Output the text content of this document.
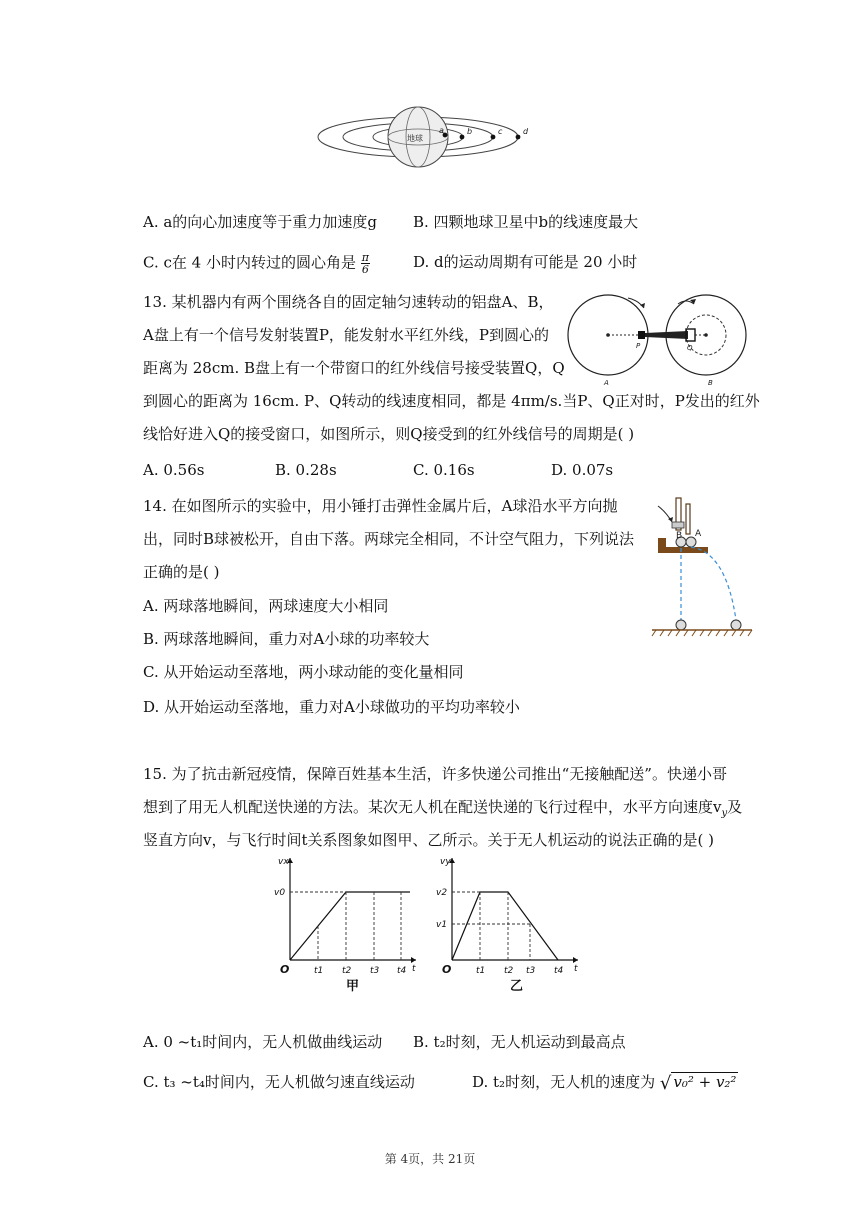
地球
a	b	c	d
A. a的向心加速度等于重力加速度g B. 四颗地球卫星中b的线速度最大
C. c在 4 小时内转过的圆心角是 $\frac{\pi}{6}$	D. d的运动周期有可能是 20 小时
13. 某机器内有两个围绕各自的固定轴匀速转动的铝盘A、B，
A盘上有一个信号发射装置P，能发射水平红外线，P到圆心的
距离为 28cm. B盘上有一个带窗口的红外线信号接受装置Q，Q
到圆心的距离为 16cm. P、Q转动的线速度相同，都是 4πm/s.当P、Q正对时，P发出的红外
线恰好进入Q的接受窗口，如图所示，则Q接受到的红外线信号的周期是( )
A	B
P	Q
A. 0.56s	B. 0.28s	C. 0.16s	D. 0.07s
14. 在如图所示的实验中，用小锤打击弹性金属片后，A球沿水平方向抛
出，同时B球被松开，自由下落。两球完全相同，不计空气阻力，下列说法
正确的是( )
B A
A. 两球落地瞬间，两球速度大小相同
B. 两球落地瞬间，重力对A小球的功率较大
C. 从开始运动至落地，两小球动能的变化量相同
D. 从开始运动至落地，重力对A小球做功的平均功率较小
15. 为了抗击新冠疫情，保障百姓基本生活，许多快递公司推出“无接触配送”。快递小哥
想到了用无人机配送快递的方法。某次无人机在配送快递的飞行过程中，水平方向速度$v_y$及
竖直方向v，与飞行时间t关系图象如图甲、乙所示。关于无人机运动的说法正确的是( )
vx
v0
O	t1 t2 t3 t4 t
甲
vy
v2
v1
O	t1 t2 t3 t4 t
乙
A. 0 ~t₁时间内，无人机做曲线运动 B. t₂时刻，无人机运动到最高点
C. t₃ ~t₄时间内，无人机做匀速直线运动	D. t₂时刻，无人机的速度为 √ v₀² + v₂²
第 4页，共 21页
